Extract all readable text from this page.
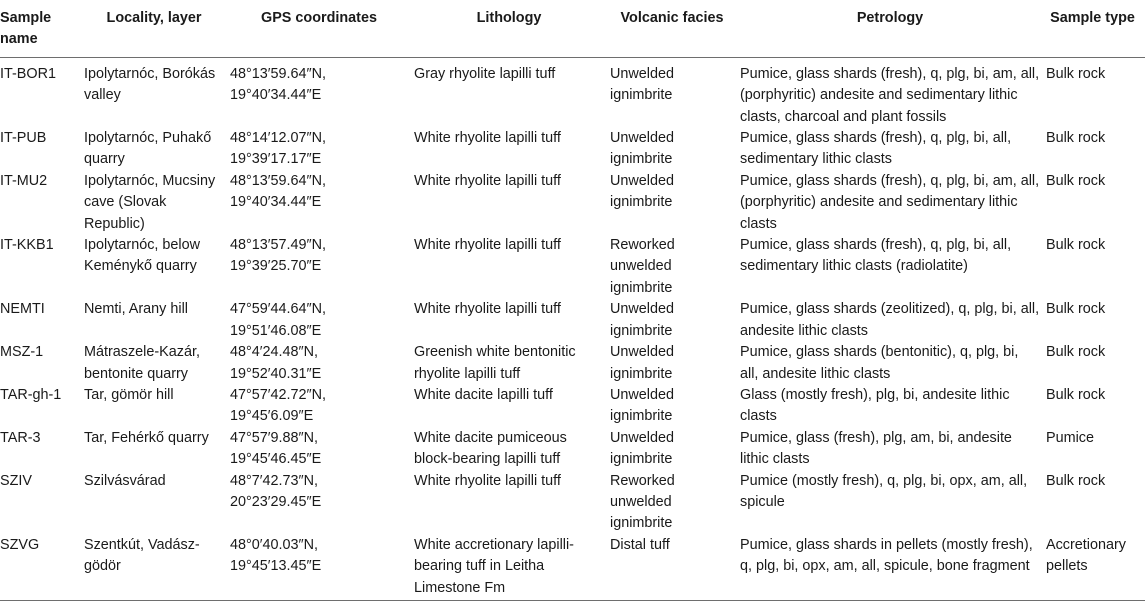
Sample name	Locality, layer	GPS coordinates	Lithology	Volcanic facies	Petrology	Sample type
IT-BOR1	Ipolytarnóc, Borókás valley	48°13′59.64″N, 19°40′34.44″E	Gray rhyolite lapilli tuff	Unwelded ignimbrite	Pumice, glass shards (fresh), q, plg, bi, am, all, (porphyritic) andesite and sedimentary lithic clasts, charcoal and plant fossils	Bulk rock
IT-PUB	Ipolytarnóc, Puhakő quarry	48°14′12.07″N, 19°39′17.17″E	White rhyolite lapilli tuff	Unwelded ignimbrite	Pumice, glass shards (fresh), q, plg, bi, all, sedimentary lithic clasts	Bulk rock
IT-MU2	Ipolytarnóc, Mucsiny cave (Slovak Republic)	48°13′59.64″N, 19°40′34.44″E	White rhyolite lapilli tuff	Unwelded ignimbrite	Pumice, glass shards (fresh), q, plg, bi, am, all, (porphyritic) andesite and sedimentary lithic clasts	Bulk rock
IT-KKB1	Ipolytarnóc, below Keménykő quarry	48°13′57.49″N, 19°39′25.70″E	White rhyolite lapilli tuff	Reworked unwelded ignimbrite	Pumice, glass shards (fresh), q, plg, bi, all, sedimentary lithic clasts (radiolatite)	Bulk rock
NEMTI	Nemti, Arany hill	47°59′44.64″N, 19°51′46.08″E	White rhyolite lapilli tuff	Unwelded ignimbrite	Pumice, glass shards (zeolitized), q, plg, bi, all, andesite lithic clasts	Bulk rock
MSZ-1	Mátraszele-Kazár, bentonite quarry	48°4′24.48″N, 19°52′40.31″E	Greenish white bentonitic rhyolite lapilli tuff	Unwelded ignimbrite	Pumice, glass shards (bentonitic), q, plg, bi, all, andesite lithic clasts	Bulk rock
TAR-gh-1	Tar, gömör hill	47°57′42.72″N, 19°45′6.09″E	White dacite lapilli tuff	Unwelded ignimbrite	Glass (mostly fresh), plg, bi, andesite lithic clasts	Bulk rock
TAR-3	Tar, Fehérkő quarry	47°57′9.88″N, 19°45′46.45″E	White dacite pumiceous block-bearing lapilli tuff	Unwelded ignimbrite	Pumice, glass (fresh), plg, am, bi, andesite lithic clasts	Pumice
SZIV	Szilvásvárad	48°7′42.73″N, 20°23′29.45″E	White rhyolite lapilli tuff	Reworked unwelded ignimbrite	Pumice (mostly fresh), q, plg, bi, opx, am, all, spicule	Bulk rock
SZVG	Szentkút, Vadász-gödör	48°0′40.03″N, 19°45′13.45″E	White accretionary lapilli-bearing tuff in Leitha Limestone Fm	Distal tuff	Pumice, glass shards in pellets (mostly fresh), q, plg, bi, opx, am, all, spicule, bone fragment	Accretionary pellets
